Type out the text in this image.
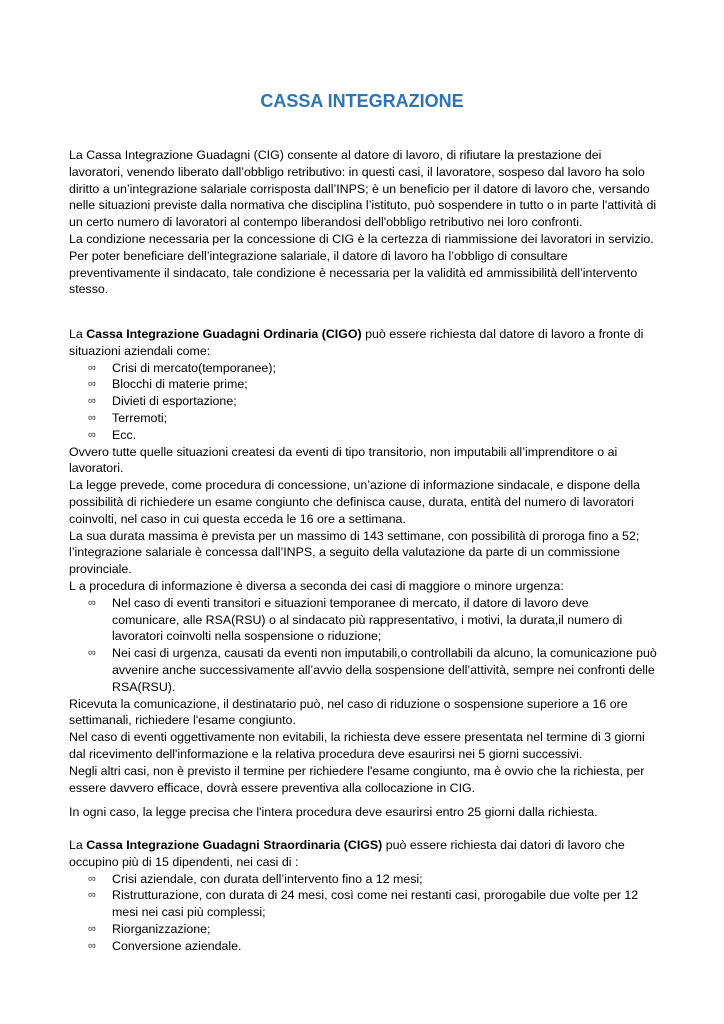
CASSA INTEGRAZIONE

La Cassa Integrazione Guadagni (CIG) consente al datore di lavoro, di rifiutare la prestazione dei lavoratori, venendo liberato dall’obbligo retributivo: in questi casi, il lavoratore, sospeso dal lavoro ha solo diritto a un’integrazione salariale corrisposta dall’INPS; è un beneficio per il datore di lavoro che, versando nelle situazioni previste dalla normativa che disciplina l’istituto, può sospendere in tutto o in parte l'attività di un certo numero di lavoratori al contempo liberandosi dell'obbligo retributivo nei loro confronti.

La condizione necessaria per la concessione di CIG è la certezza di riammissione dei lavoratori in servizio.

Per poter beneficiare dell’integrazione salariale, il datore di lavoro ha l’obbligo di consultare preventivamente il sindacato, tale condizione è necessaria per la validità ed ammissibilità dell’intervento stesso.

La Cassa Integrazione Guadagni Ordinaria (CIGO) può essere richiesta dal datore di lavoro a fronte di situazioni aziendali come:

∞	Crisi di mercato(temporanee);
∞	Blocchi di materie prime;
∞	Divieti di esportazione;
∞	Terremoti;
∞	Ecc.

Ovvero tutte quelle situazioni createsi da eventi di tipo transitorio, non imputabili all’imprenditore o ai lavoratori.

La legge prevede, come procedura di concessione, un’azione di informazione sindacale, e dispone della possibilità di richiedere un esame congiunto che definisca cause, durata, entità del numero di lavoratori coinvolti, nel caso in cui questa ecceda le 16 ore a settimana.

La sua durata massima è prevista per un massimo di 143 settimane, con possibilità di proroga fino a 52; l’integrazione salariale è concessa dall’INPS, a seguito della valutazione da parte di un commissione provinciale.

L a procedura di informazione è diversa a seconda dei casi di maggiore o minore urgenza:

∞	Nel caso di eventi transitori e situazioni temporanee di mercato, il datore di lavoro deve comunicare, alle RSA(RSU) o al sindacato più rappresentativo, i motivi, la durata,il numero di lavoratori coinvolti nella sospensione o riduzione;
∞	Nei casi di urgenza, causati da eventi non imputabili,o controllabili da alcuno, la comunicazione può avvenire anche successivamente all’avvio della sospensione dell’attività, sempre nei confronti delle RSA(RSU).

Ricevuta la comunicazione, il destinatario può, nel caso di riduzione o sospensione superiore a 16 ore settimanali, richiedere l'esame congiunto.

Nel caso di eventi oggettivamente non evitabili, la richiesta deve essere presentata nel termine di 3 giorni dal ricevimento dell'informazione e la relativa procedura deve esaurirsi nei 5 giorni successivi.

Negli altri casi, non è previsto il termine per richiedere l'esame congiunto, ma è ovvio che la richiesta, per essere davvero efficace, dovrà essere preventiva alla collocazione in CIG.

In ogni caso, la legge precisa che l'intera procedura deve esaurirsi entro 25 giorni dalla richiesta.

La Cassa Integrazione Guadagni Straordinaria (CIGS) può essere richiesta dai datori di lavoro che occupino più di 15 dipendenti, nei casi di :

∞	Crisi aziendale, con durata dell’intervento fino a 12 mesi;
∞	Ristrutturazione, con durata di 24 mesi, così come nei restanti casi, prorogabile due volte per 12 mesi nei casi più complessi;
∞	Riorganizzazione;
∞	Conversione aziendale.
